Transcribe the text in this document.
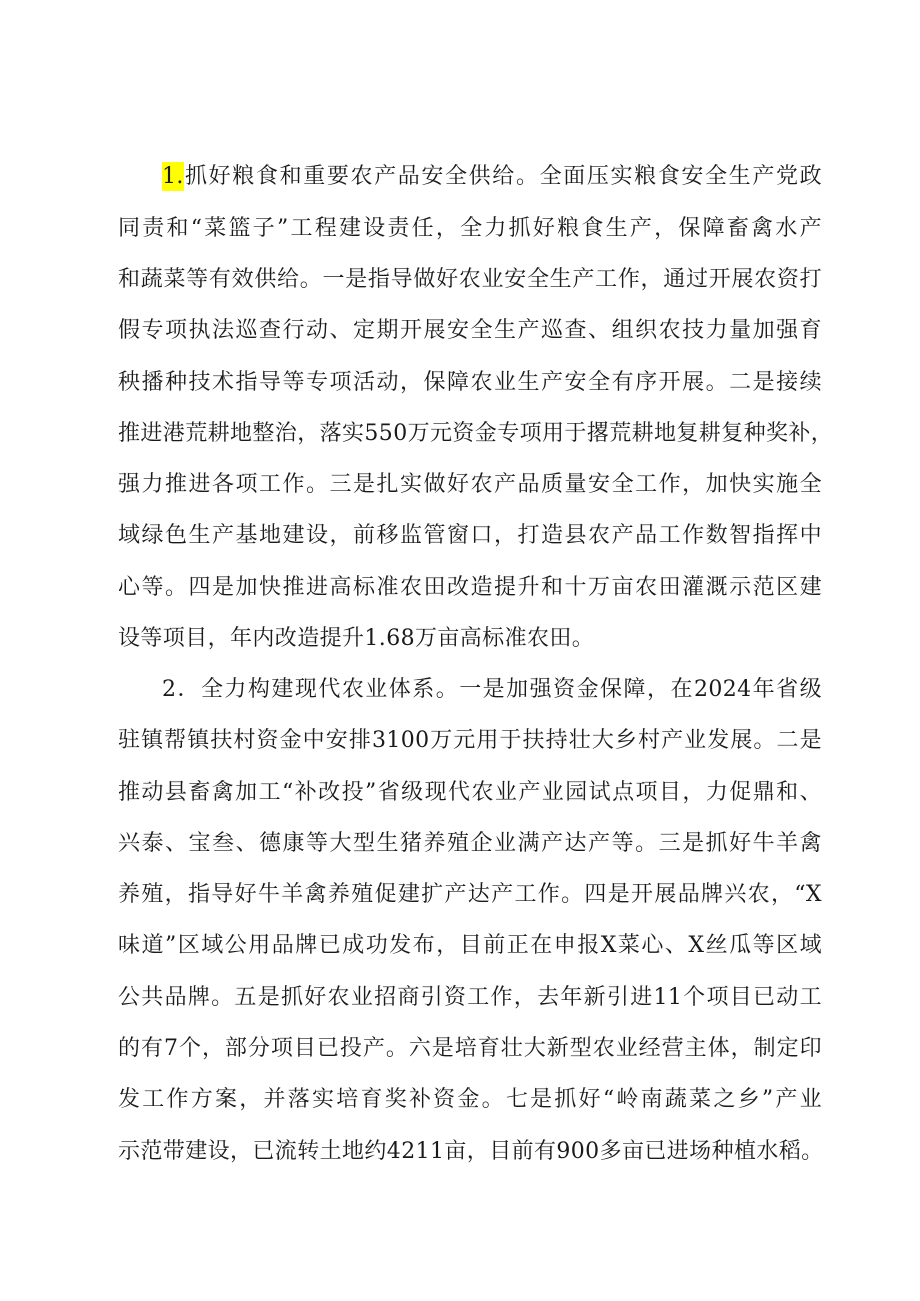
1.抓好粮食和重要农产品安全供给。全面压实粮食安全生产党政
同责和“菜篮子”工程建设责任，全力抓好粮食生产，保障畜禽水产
和蔬菜等有效供给。一是指导做好农业安全生产工作，通过开展农资打
假专项执法巡查行动、定期开展安全生产巡查、组织农技力量加强育
秧播种技术指导等专项活动，保障农业生产安全有序开展。二是接续
推进港荒耕地整治，落实550万元资金专项用于撂荒耕地复耕复种奖补，
强力推进各项工作。三是扎实做好农产品质量安全工作，加快实施全
域绿色生产基地建设，前移监管窗口，打造县农产品工作数智指挥中
心等。四是加快推进高标准农田改造提升和十万亩农田灌溉示范区建
设等项目，年内改造提升1.68万亩高标准农田。
2．全力构建现代农业体系。一是加强资金保障，在2024年省级
驻镇帮镇扶村资金中安排3100万元用于扶持壮大乡村产业发展。二是
推动县畜禽加工“补改投”省级现代农业产业园试点项目，力促鼎和、
兴泰、宝叁、德康等大型生猪养殖企业满产达产等。三是抓好牛羊禽
养殖，指导好牛羊禽养殖促建扩产达产工作。四是开展品牌兴农，“X
味道”区域公用品牌已成功发布，目前正在申报X菜心、X丝瓜等区域
公共品牌。五是抓好农业招商引资工作，去年新引进11个项目已动工
的有7个，部分项目已投产。六是培育壮大新型农业经营主体，制定印
发工作方案，并落实培育奖补资金。七是抓好“岭南蔬菜之乡”产业
示范带建设，已流转土地约4211亩，目前有900多亩已进场种植水稻。
